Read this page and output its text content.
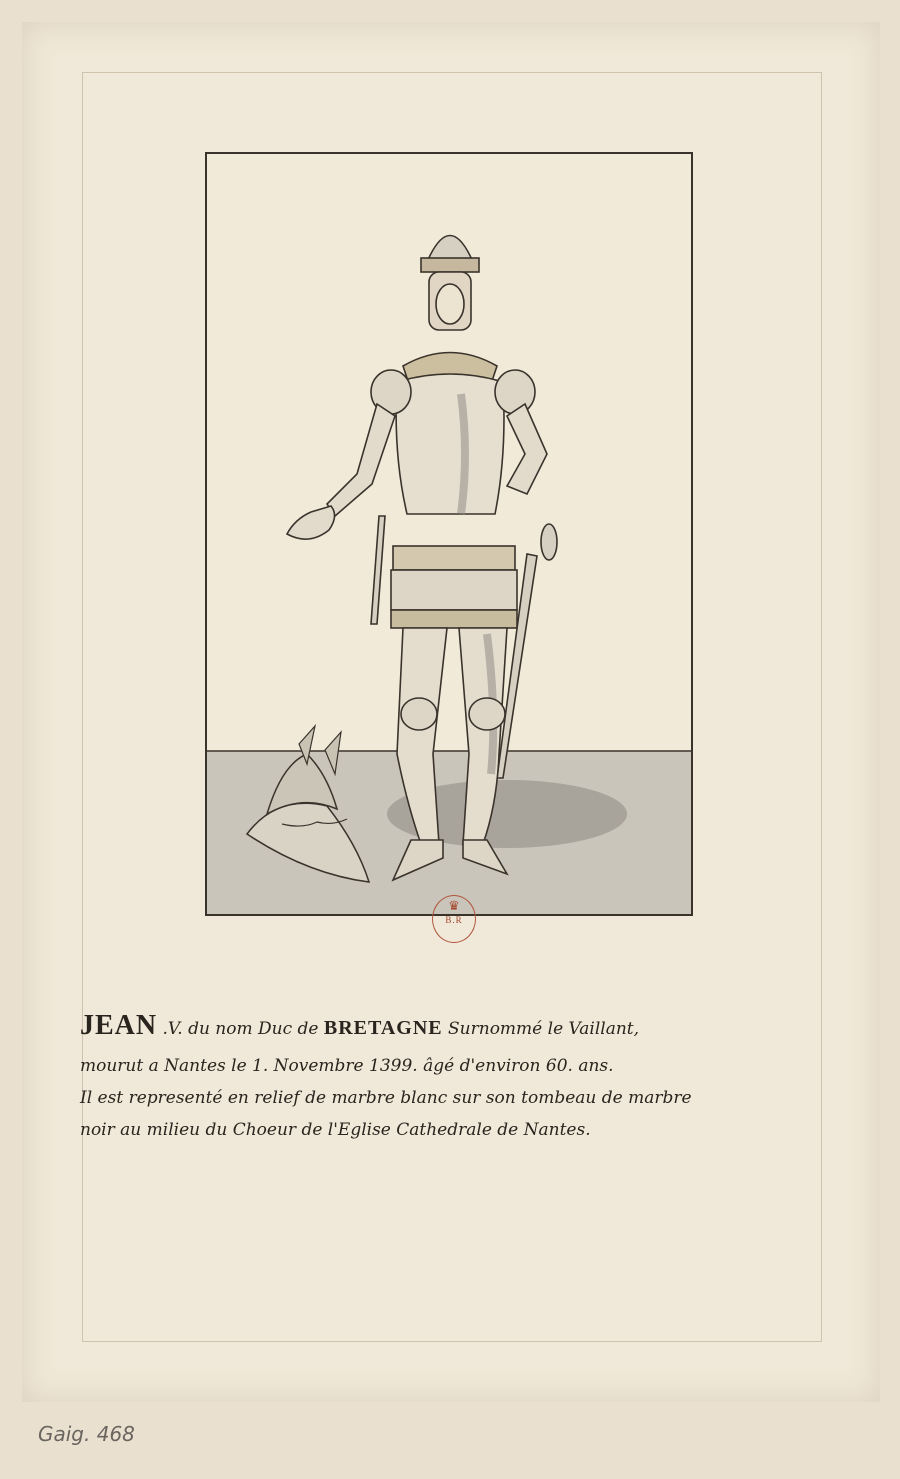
♛
B.R
JEAN .V. du nom Duc de BRETAGNE Surnommé le Vaillant,
mourut a Nantes le 1. Novembre 1399. âgé d'environ 60. ans.
Il est representé en relief de marbre blanc sur son tombeau de marbre
noir au milieu du Choeur de l'Eglise Cathedrale de Nantes.
Gaig. 468
